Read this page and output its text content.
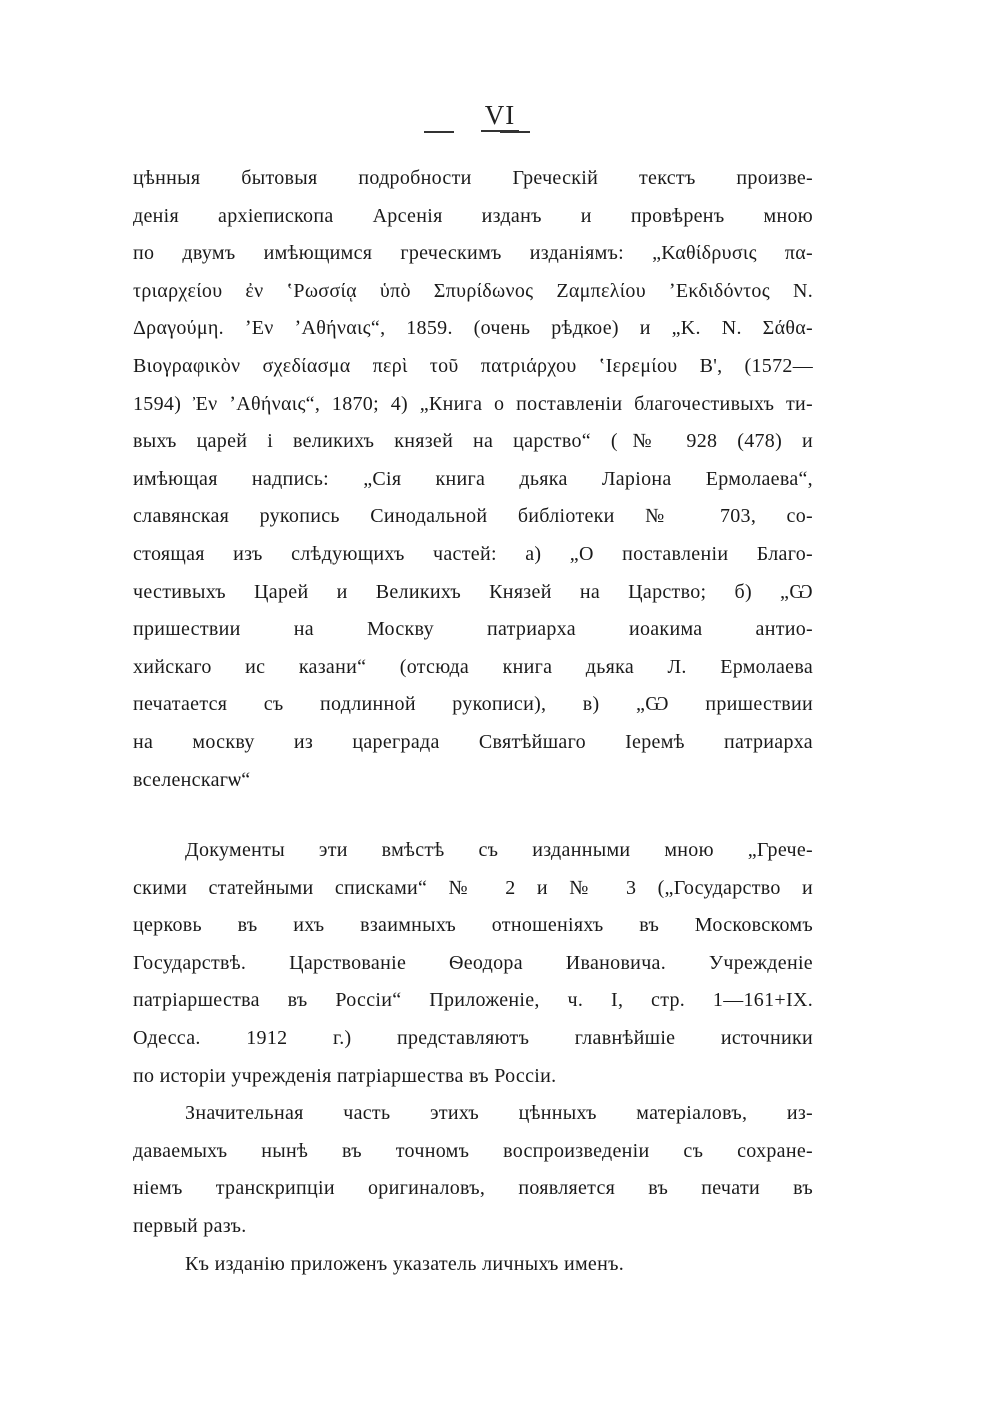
VI
цѣнныя бытовыя подробности Греческій текстъ произве-
денія архіепископа Арсенія изданъ и провѣренъ мною
по двумъ имѣющимся греческимъ изданіямъ: „Καθίδρυσις πα-
τριαρχείου ἐν ʽΡωσσίᾳ ὑπὸ Σπυρίδωνος Ζαμπελίου ʼΕκδιδόντος Ν.
Δραγούμη. ʼΕν ʼΑθήναις“, 1859. (очень рѣдкое) и „Κ. Ν. Σάθα-
Βιογραφικὸν σχεδίασμα περὶ τοῦ πατριάρχου ʽΙερεμίου Β', (1572—
1594) Ἐν ʼΑθήναις“, 1870; 4) „Книга о поставленіи благочестивыхъ ти-
выхъ царей і великихъ князей на царство“ (№ 928 (478) и
имѣющая надпись: „Сія книга дьяка Ларіона Ермолаева“,
славянская рукопись Синодальной библіотеки № 703, со-
стоящая изъ слѣдующихъ частей: а) „О поставленіи Благо-
честивыхъ Царей и Великихъ Князей на Царство; б) „Ѡ
пришествии на Москву патриарха иоакима антио-
хийскаго ис казани“ (отсюда книга дьяка Л. Ермолаева
печатается съ подлинной рукописи), в) „Ѡ пришествии
на москву из цареграда Святѣйшаго Іеремѣ патриарха
вселенскагѡ“
Документы эти вмѣстѣ съ изданными мною „Грече-
скими статейными списками“ № 2 и № 3 („Государство и
церковь въ ихъ взаимныхъ отношеніяхъ въ Московскомъ
Государствѣ. Царствованіе Ѳеодора Ивановича. Учрежденіе
патріаршества въ Россіи“ Приложеніе, ч. I, стр. 1—161+IX.
Одесса. 1912 г.) представляютъ главнѣйшіе источники
по исторіи учрежденія патріаршества въ Россіи.
Значительная часть этихъ цѣнныхъ матеріаловъ, из-
даваемыхъ нынѣ въ точномъ воспроизведеніи съ сохране-
ніемъ транскрипціи оригиналовъ, появляется въ печати въ
первый разъ.
Къ изданію приложенъ указатель личныхъ именъ.
